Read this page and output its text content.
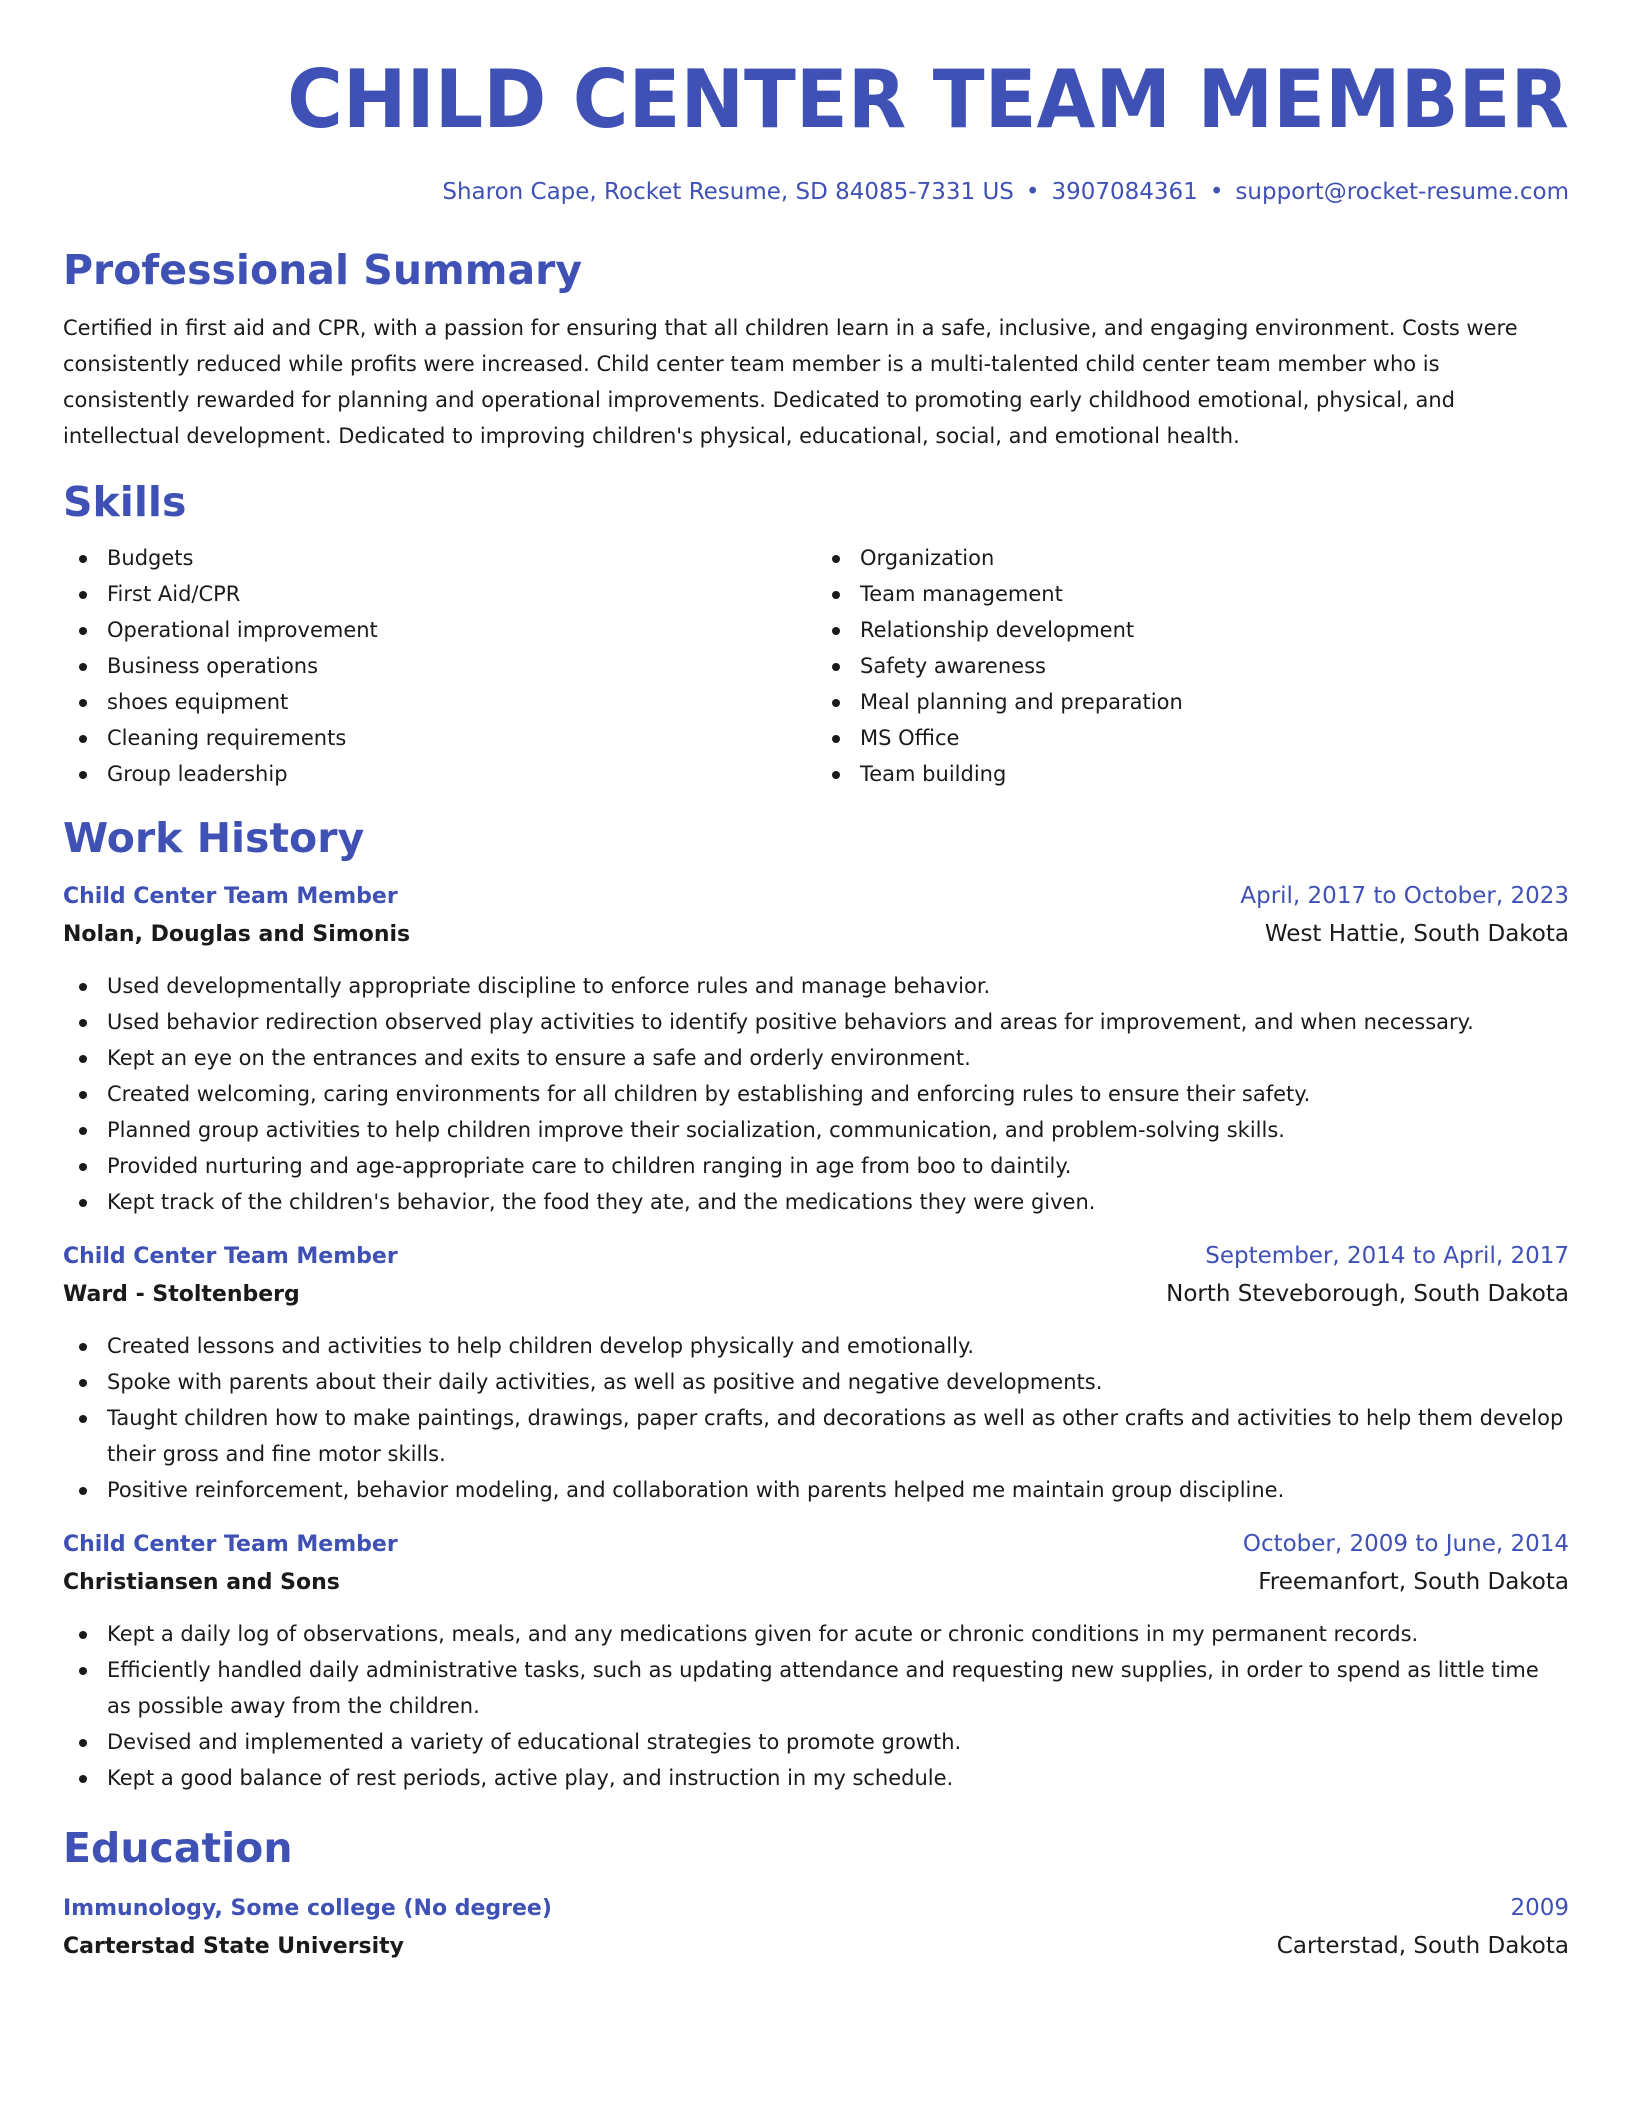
CHILD CENTER TEAM MEMBER
Sharon Cape, Rocket Resume, SD 84085-7331 US • 3907084361 • support@rocket-resume.com
Professional Summary

Certified in first aid and CPR, with a passion for ensuring that all children learn in a safe, inclusive, and engaging environment. Costs were consistently reduced while profits were increased. Child center team member is a multi-talented child center team member who is consistently rewarded for planning and operational improvements. Dedicated to promoting early childhood emotional, physical, and intellectual development. Dedicated to improving children's physical, educational, social, and emotional health.

Skills
Budgets
First Aid/CPR
Operational improvement
Business operations
shoes equipment
Cleaning requirements
Group leadership
Organization
Team management
Relationship development
Safety awareness
Meal planning and preparation
MS Office
Team building
Work History
Child Center Team Member	April, 2017 to October, 2023
Nolan, Douglas and Simonis	West Hattie, South Dakota
Used developmentally appropriate discipline to enforce rules and manage behavior.
Used behavior redirection observed play activities to identify positive behaviors and areas for improvement, and when necessary.
Kept an eye on the entrances and exits to ensure a safe and orderly environment.
Created welcoming, caring environments for all children by establishing and enforcing rules to ensure their safety.
Planned group activities to help children improve their socialization, communication, and problem-solving skills.
Provided nurturing and age-appropriate care to children ranging in age from boo to daintily.
Kept track of the children's behavior, the food they ate, and the medications they were given.
Child Center Team Member	September, 2014 to April, 2017
Ward - Stoltenberg	North Steveborough, South Dakota
Created lessons and activities to help children develop physically and emotionally.
Spoke with parents about their daily activities, as well as positive and negative developments.
Taught children how to make paintings, drawings, paper crafts, and decorations as well as other crafts and activities to help them develop their gross and fine motor skills.
Positive reinforcement, behavior modeling, and collaboration with parents helped me maintain group discipline.
Child Center Team Member	October, 2009 to June, 2014
Christiansen and Sons	Freemanfort, South Dakota
Kept a daily log of observations, meals, and any medications given for acute or chronic conditions in my permanent records.
Efficiently handled daily administrative tasks, such as updating attendance and requesting new supplies, in order to spend as little time as possible away from the children.
Devised and implemented a variety of educational strategies to promote growth.
Kept a good balance of rest periods, active play, and instruction in my schedule.
Education
Immunology, Some college (No degree)	2009
Carterstad State University	Carterstad, South Dakota
